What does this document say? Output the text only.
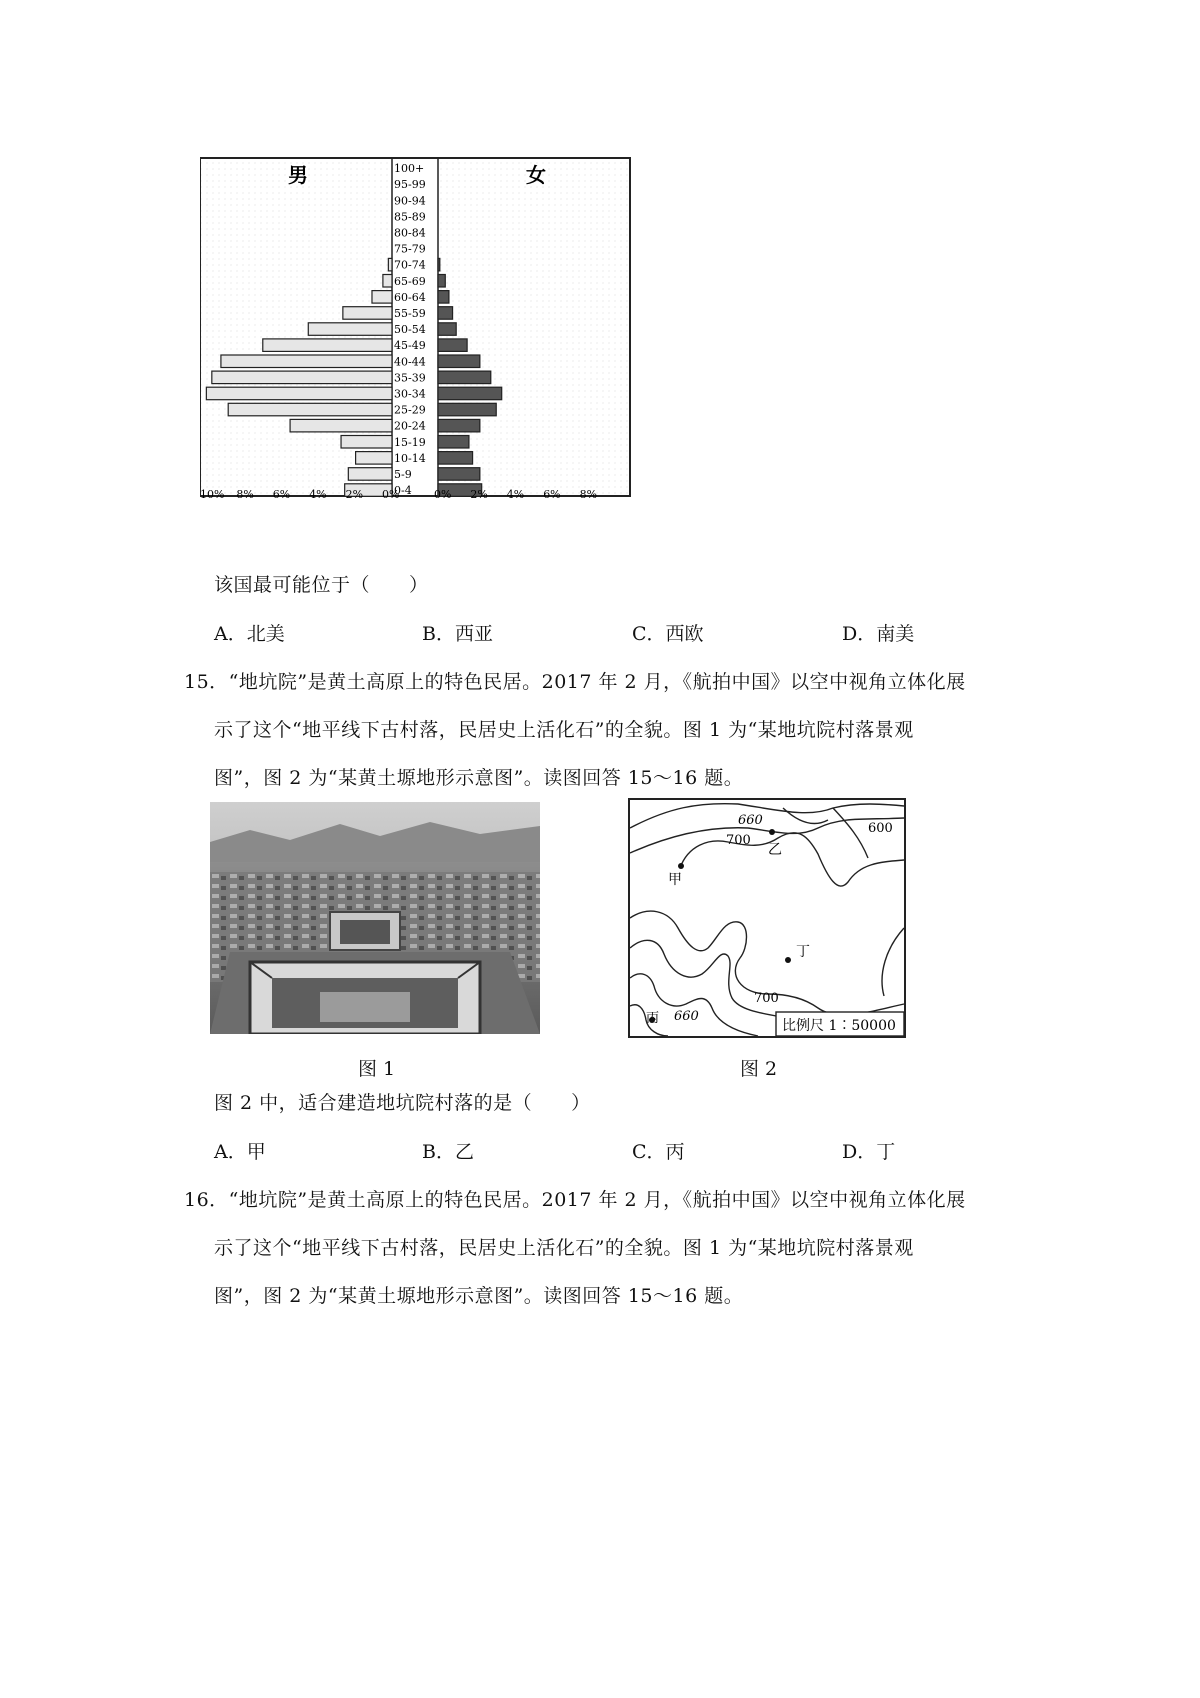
男	女
100+
95-99
90-94
85-89
80-84
75-79
70-74
65-69
60-64
55-59
50-54
45-49
40-44
35-39
30-34
25-29
20-24
15-19
10-14
5-9
0-4
10% 8% 6% 4% 2% 0%	0% 2% 4% 6% 8%
该国最可能位于（　　）
A．北美	B．西亚	C．西欧	D．南美
15．“地坑院”是黄土高原上的特色民居。2017 年 2 月，《航拍中国》以空中视角立体化展
示了这个“地平线下古村落，民居史上活化石”的全貌。图 1 为“某地坑院村落景观
图”，图 2 为“某黄土塬地形示意图”。读图回答 15～16 题。
图 1
甲
乙
丁
丙
660
600
700
700
660
比例尺 1∶50000
图 2
图 2 中，适合建造地坑院村落的是（　　）
A．甲	B．乙	C．丙	D．丁
16．“地坑院”是黄土高原上的特色民居。2017 年 2 月，《航拍中国》以空中视角立体化展
示了这个“地平线下古村落，民居史上活化石”的全貌。图 1 为“某地坑院村落景观
图”，图 2 为“某黄土塬地形示意图”。读图回答 15～16 题。
